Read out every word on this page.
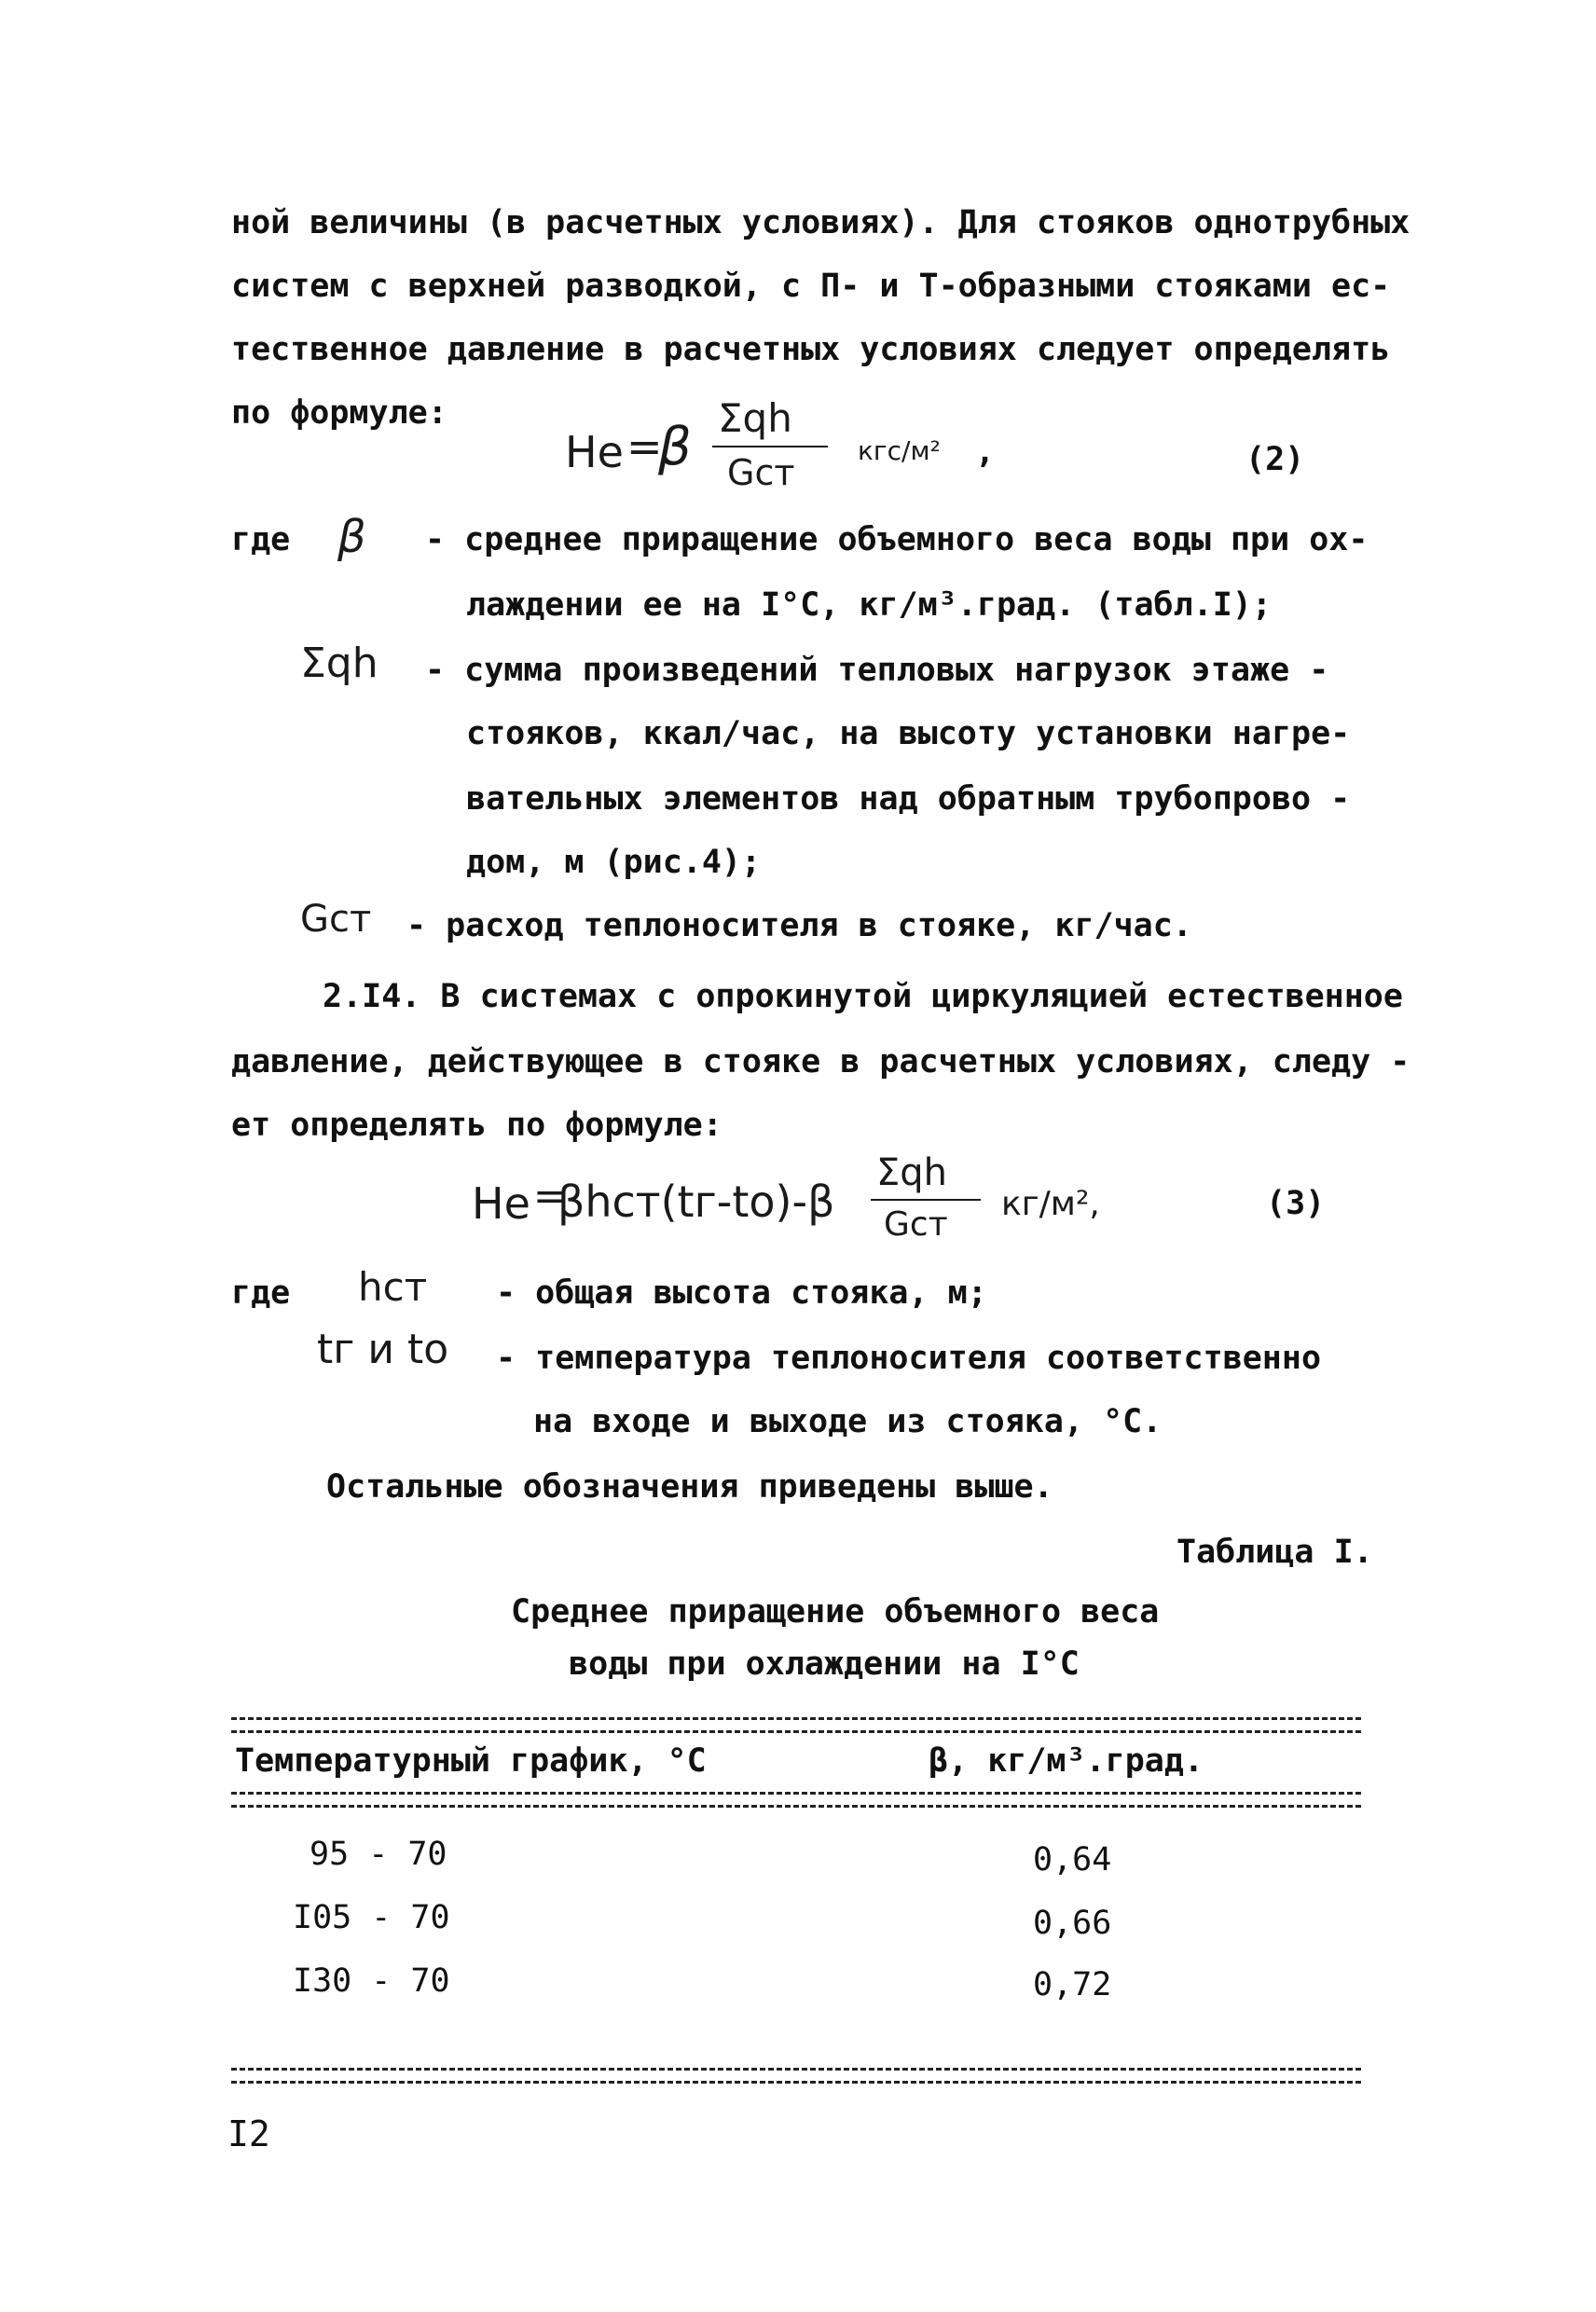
ной величины (в расчетных условиях). Для стояков однотрубных
систем с верхней разводкой, с П- и Т-образными стояками ес-
тественное давление в расчетных условиях следует определять
по формуле:
Hе =
β Σqh
Gст
кгс/м² ,	(2)
где β - среднее приращение объемного веса воды при ох-
лаждении ее на I°C, кг/м³.град. (табл.I);
Σqh - сумма произведений тепловых нагрузок этаже -
стояков, ккал/час, на высоту установки нагре-
вательных элементов над обратным трубопрово -
дом, м (рис.4);
Gст - расход теплоносителя в стояке, кг/час.
2.I4. В системах с опрокинутой циркуляцией естественное
давление, действующее в стояке в расчетных условиях, следу -
ет определять по формуле:
Hе =
βhст(tг-tо)-β
Σqh
Gст
кг/м²,	(3)
где hст - общая высота стояка, м;
tг и tо - температура теплоносителя соответственно
на входе и выходе из стояка, °C.
Остальные обозначения приведены выше.
Таблица I.
Среднее приращение объемного веса
воды при охлаждении на I°C
Температурный график, °C	β, кг/м³.град.
95 - 70	0,64
I05 - 70	0,66
I30 - 70	0,72
I2
